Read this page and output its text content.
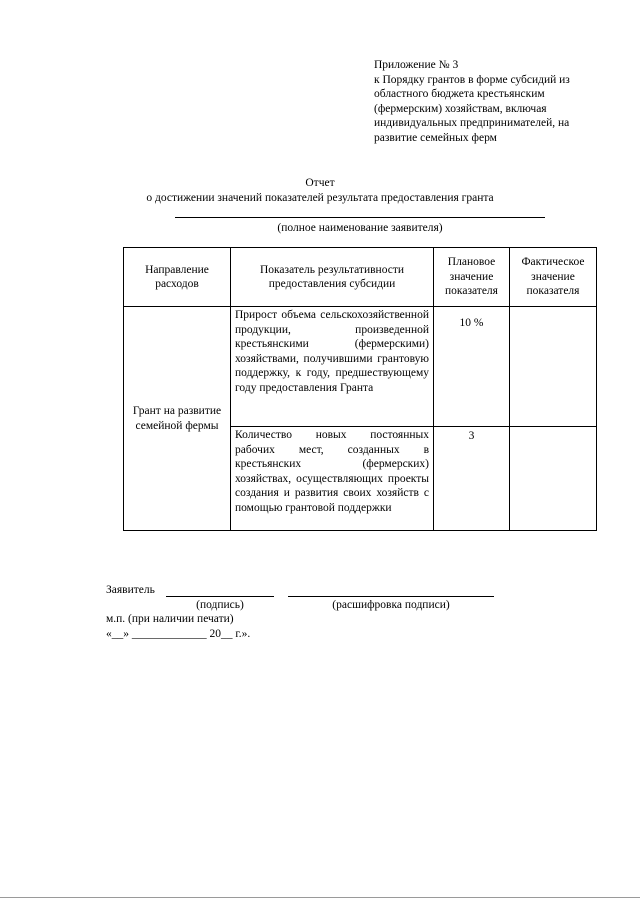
Приложение № 3
к Порядку грантов в форме субсидий из
областного бюджета крестьянским
(фермерским) хозяйствам, включая
индивидуальных предпринимателей, на
развитие семейных ферм
Отчет
о достижении значений показателей результата предоставления гранта
(полное наименование заявителя)
Направление расходов	Показатель результативности предоставления субсидии	Плановое значение показателя	Фактическое значение показателя
Грант на развитие семейной фермы	Прирост объема сельскохозяйственной продукции, произведенной крестьянскими (фермерскими) хозяйствами, получившими грантовую поддержку, к году, предшествующему году предоставления Гранта	10 %	
	Количество новых постоянных рабочих мест, созданных в крестьянских (фермерских) хозяйствах, осуществляющих проекты создания и развития своих хозяйств с помощью грантовой поддержки	3	
Заявитель
(подпись)	(расшифровка подписи)
м.п. (при наличии печати)
«__» _____________ 20__ г.».
